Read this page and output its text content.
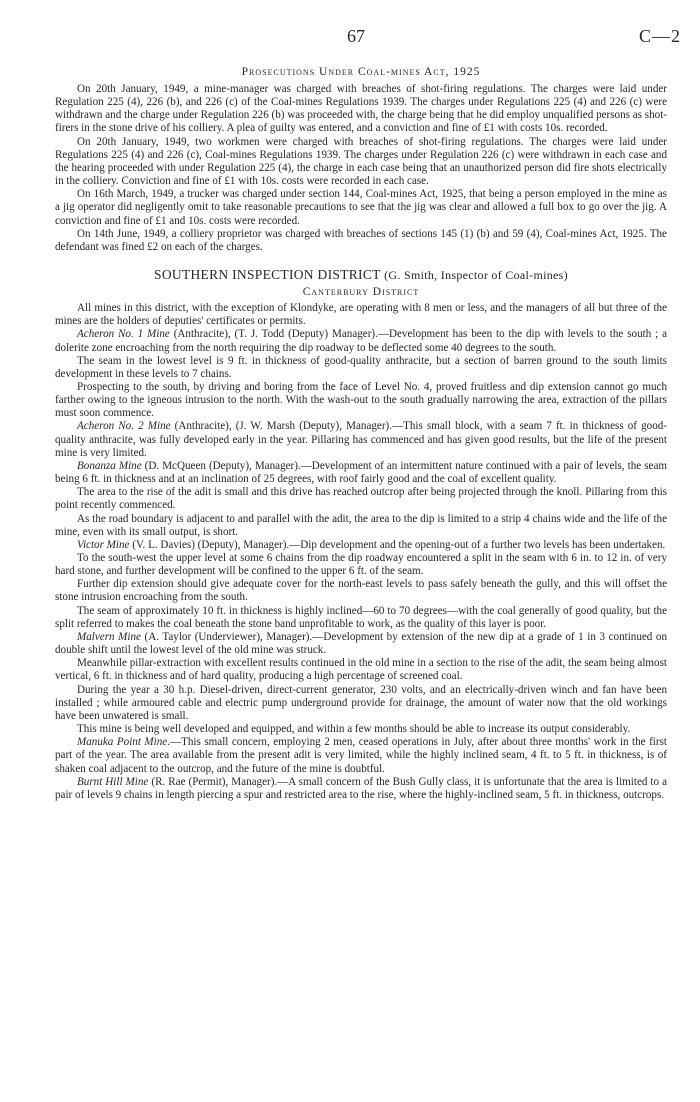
67	C—2
Prosecutions Under Coal-mines Act, 1925

On 20th January, 1949, a mine-manager was charged with breaches of shot-firing regulations. The charges were laid under Regulation 225 (4), 226 (b), and 226 (c) of the Coal-mines Regulations 1939. The charges under Regulations 225 (4) and 226 (c) were withdrawn and the charge under Regulation 226 (b) was proceeded with, the charge being that he did employ unqualified persons as shot-firers in the stone drive of his colliery. A plea of guilty was entered, and a conviction and fine of £1 with costs 10s. recorded.

On 20th January, 1949, two workmen were charged with breaches of shot-firing regulations. The charges were laid under Regulations 225 (4) and 226 (c), Coal-mines Regulations 1939. The charges under Regulation 226 (c) were withdrawn in each case and the hearing proceeded with under Regulation 225 (4), the charge in each case being that an unauthorized person did fire shots electrically in the colliery. Conviction and fine of £1 with 10s. costs were recorded in each case.

On 16th March, 1949, a trucker was charged under section 144, Coal-mines Act, 1925, that being a person employed in the mine as a jig operator did negligently omit to take reasonable precautions to see that the jig was clear and allowed a full box to go over the jig. A conviction and fine of £1 and 10s. costs were recorded.

On 14th June, 1949, a colliery proprietor was charged with breaches of sections 145 (1) (b) and 59 (4), Coal-mines Act, 1925. The defendant was fined £2 on each of the charges.

SOUTHERN INSPECTION DISTRICT (G. Smith, Inspector of Coal-mines)
Canterbury District

All mines in this district, with the exception of Klondyke, are operating with 8 men or less, and the managers of all but three of the mines are the holders of deputies' certificates or permits.

Acheron No. 1 Mine (Anthracite), (T. J. Todd (Deputy) Manager).—Development has been to the dip with levels to the south ; a dolerite zone encroaching from the north requiring the dip roadway to be deflected some 40 degrees to the south.

The seam in the lowest level is 9 ft. in thickness of good-quality anthracite, but a section of barren ground to the south limits development in these levels to 7 chains.

Prospecting to the south, by driving and boring from the face of Level No. 4, proved fruitless and dip extension cannot go much farther owing to the igneous intrusion to the north. With the wash-out to the south gradually narrowing the area, extraction of the pillars must soon commence.

Acheron No. 2 Mine (Anthracite), (J. W. Marsh (Deputy), Manager).—This small block, with a seam 7 ft. in thickness of good-quality anthracite, was fully developed early in the year. Pillaring has commenced and has given good results, but the life of the present mine is very limited.

Bonanza Mine (D. McQueen (Deputy), Manager).—Development of an intermittent nature continued with a pair of levels, the seam being 6 ft. in thickness and at an inclination of 25 degrees, with roof fairly good and the coal of excellent quality.

The area to the rise of the adit is small and this drive has reached outcrop after being projected through the knoll. Pillaring from this point recently commenced.

As the road boundary is adjacent to and parallel with the adit, the area to the dip is limited to a strip 4 chains wide and the life of the mine, even with its small output, is short.

Victor Mine (V. L. Davies) (Deputy), Manager).—Dip development and the opening-out of a further two levels has been undertaken.

To the south-west the upper level at some 6 chains from the dip roadway encountered a split in the seam with 6 in. to 12 in. of very hard stone, and further development will be confined to the upper 6 ft. of the seam.

Further dip extension should give adequate cover for the north-east levels to pass safely beneath the gully, and this will offset the stone intrusion encroaching from the south.

The seam of approximately 10 ft. in thickness is highly inclined—60 to 70 degrees—with the coal generally of good quality, but the split referred to makes the coal beneath the stone band unprofitable to work, as the quality of this layer is poor.

Malvern Mine (A. Taylor (Underviewer), Manager).—Development by extension of the new dip at a grade of 1 in 3 continued on double shift until the lowest level of the old mine was struck.

Meanwhile pillar-extraction with excellent results continued in the old mine in a section to the rise of the adit, the seam being almost vertical, 6 ft. in thickness and of hard quality, producing a high percentage of screened coal.

During the year a 30 h.p. Diesel-driven, direct-current generator, 230 volts, and an electrically-driven winch and fan have been installed ; while armoured cable and electric pump underground provide for drainage, the amount of water now that the old workings have been unwatered is small.

This mine is being well developed and equipped, and within a few months should be able to increase its output considerably.

Manuka Point Mine.—This small concern, employing 2 men, ceased operations in July, after about three months' work in the first part of the year. The area available from the present adit is very limited, while the highly inclined seam, 4 ft. to 5 ft. in thickness, is of shaken coal adjacent to the outcrop, and the future of the mine is doubtful.

Burnt Hill Mine (R. Rae (Permit), Manager).—A small concern of the Bush Gully class, it is unfortunate that the area is limited to a pair of levels 9 chains in length piercing a spur and restricted area to the rise, where the highly-inclined seam, 5 ft. in thickness, outcrops.
